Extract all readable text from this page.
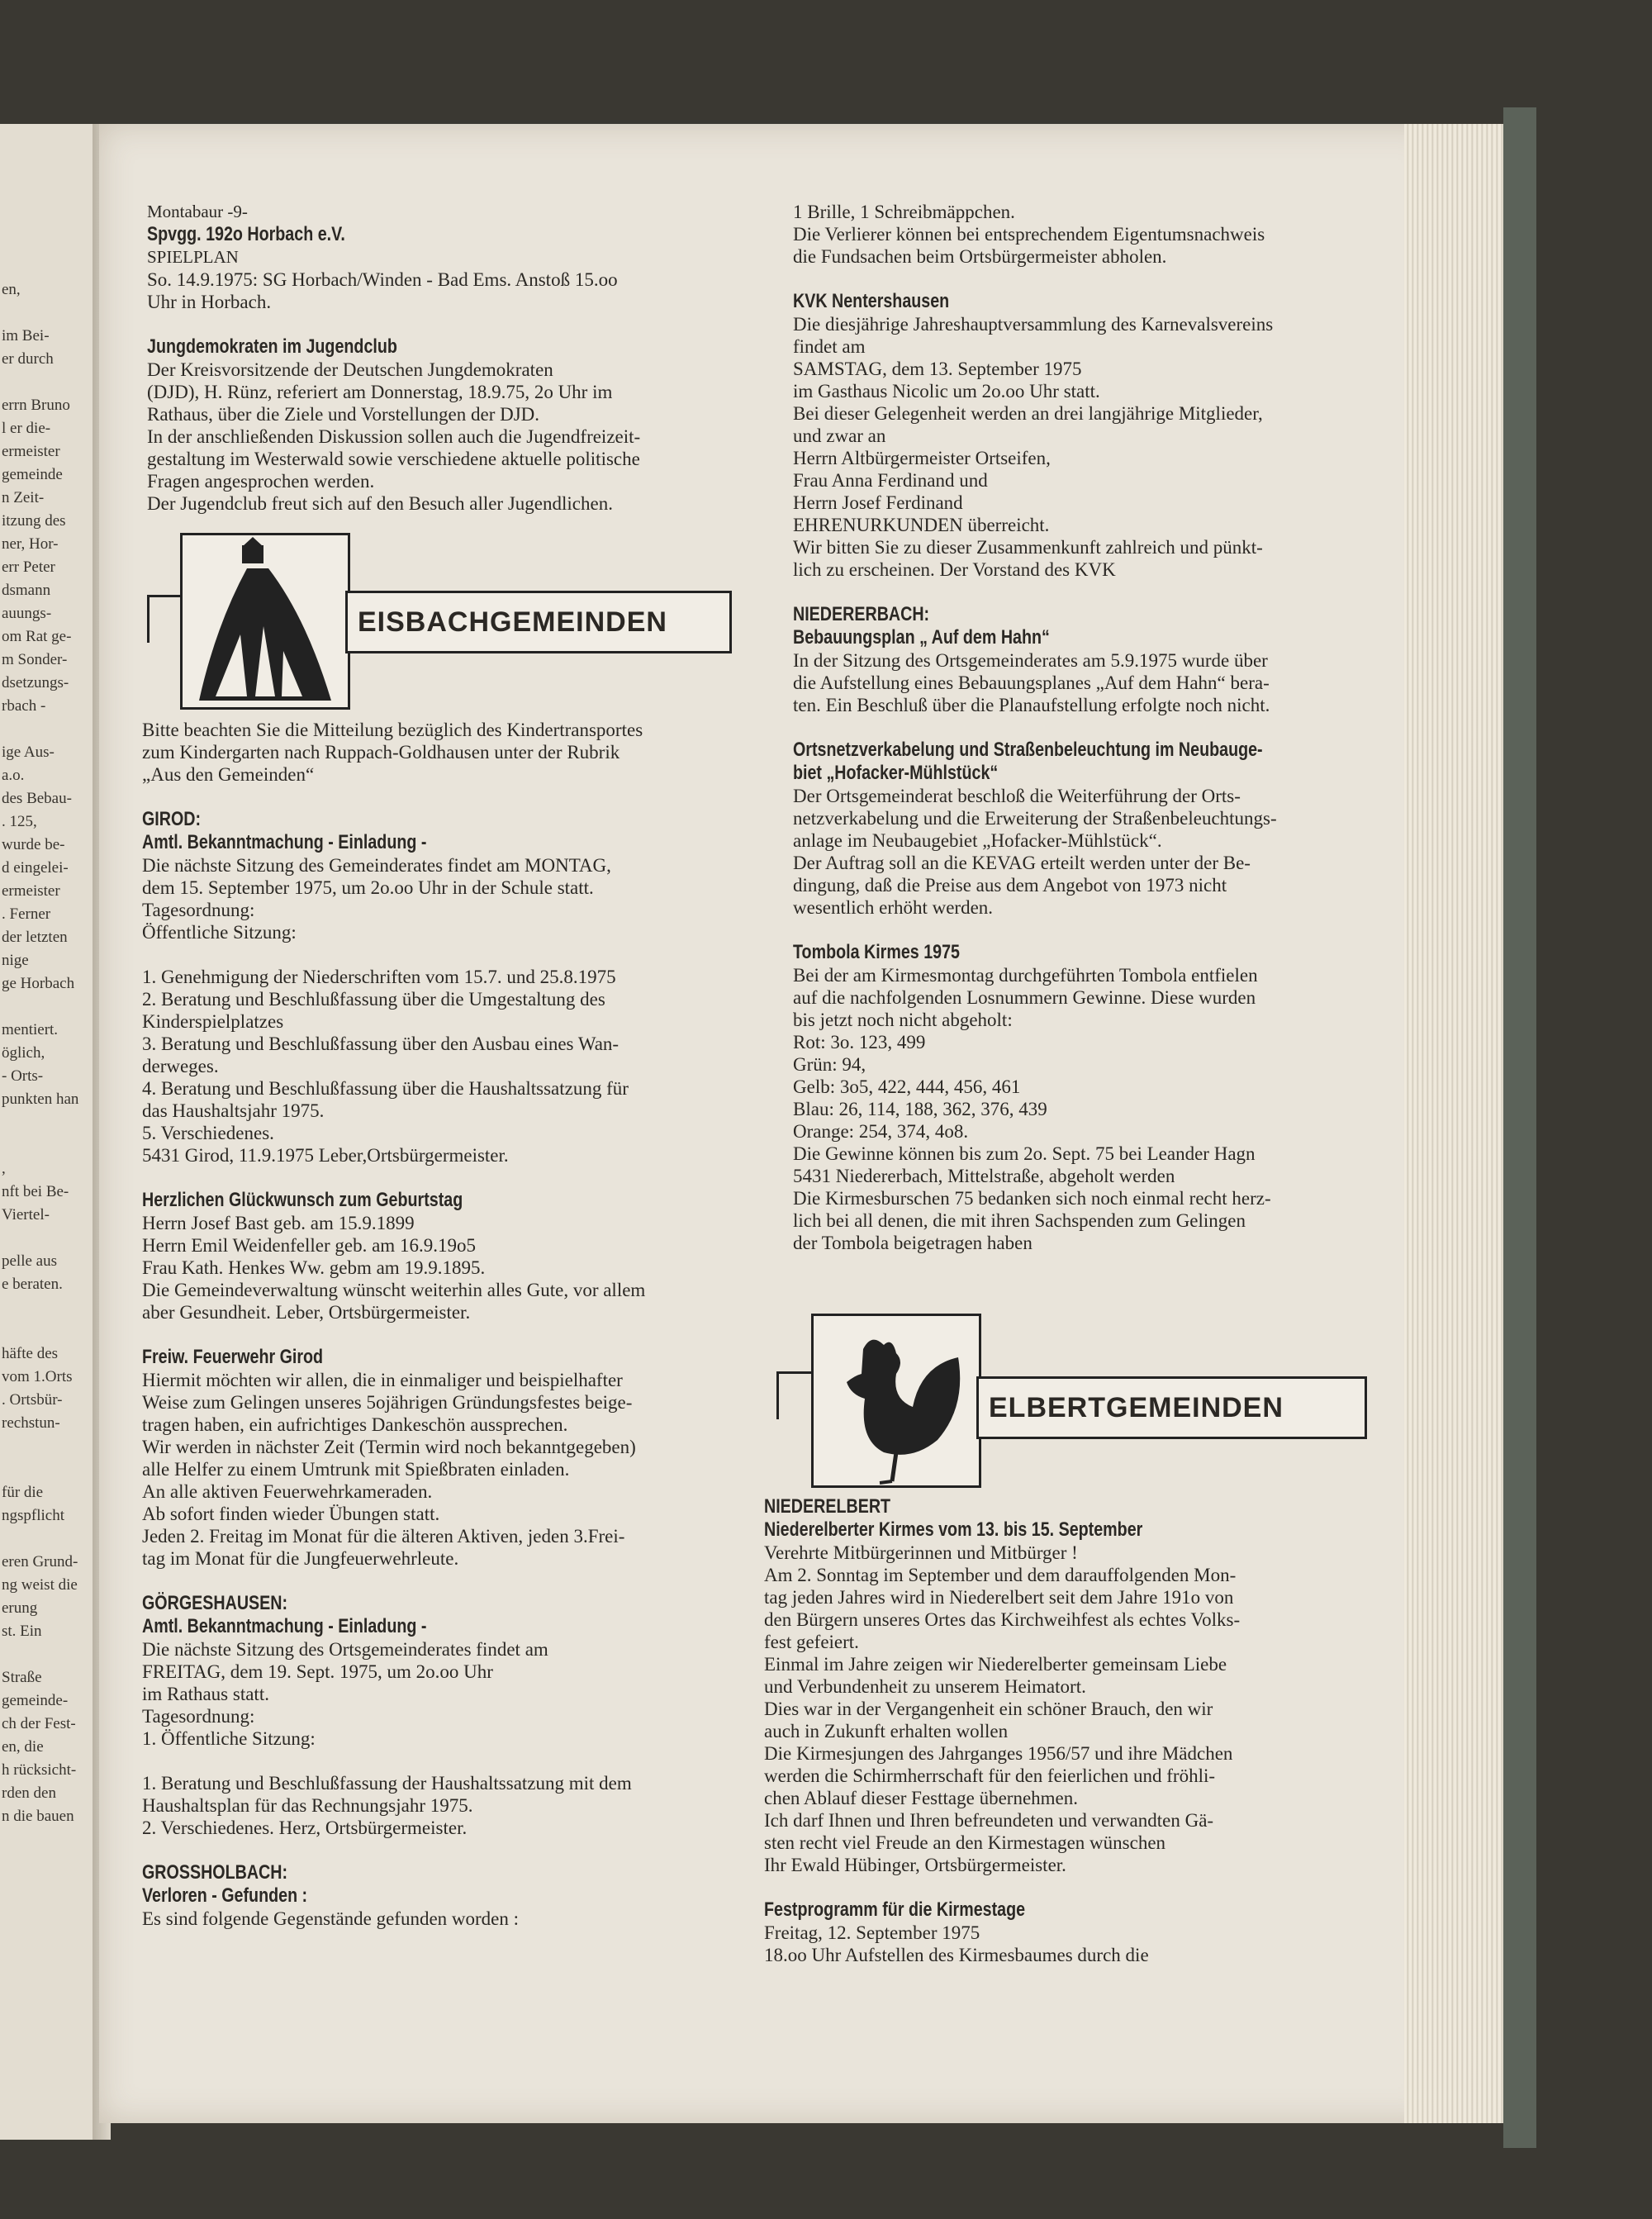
en,
im Bei-
er durch
errn Bruno
l er die-
ermeister
gemeinde
n Zeit-
itzung des
ner, Hor-
err Peter
dsmann
auungs-
om Rat ge-
m Sonder-
dsetzungs-
rbach -
ige Aus-
a.o.
des Bebau-
. 125,
wurde be-
d eingelei-
ermeister
. Ferner
der letzten
nige
ge Horbach
mentiert.
öglich,
- Orts-
punkten han
,
nft bei Be-
Viertel-
pelle aus
e beraten.
häfte des
vom 1.Orts
. Ortsbür-
rechstun-
für die
ngspflicht
eren Grund-
ng weist die
erung
st. Ein
Straße
gemeinde-
ch der Fest-
en, die
h rücksicht-
rden den
n die bauen
Montabaur -9-
Spvgg. 192o Horbach e.V.
SPIELPLAN
So. 14.9.1975: SG Horbach/Winden - Bad Ems. Anstoß 15.oo
Uhr in Horbach.

Jungdemokraten im Jugendclub
Der Kreisvorsitzende der Deutschen Jungdemokraten
(DJD), H. Rünz, referiert am Donnerstag, 18.9.75, 2o Uhr im
Rathaus, über die Ziele und Vorstellungen der DJD.
In der anschließenden Diskussion sollen auch die Jugendfreizeit-
gestaltung im Westerwald sowie verschiedene aktuelle politische
Fragen angesprochen werden.
Der Jugendclub freut sich auf den Besuch aller Jugendlichen.
EISBACHGEMEINDEN
Bitte beachten Sie die Mitteilung bezüglich des Kindertransportes
zum Kindergarten nach Ruppach-Goldhausen unter der Rubrik
„Aus den Gemeinden“

GIROD:
Amtl. Bekanntmachung - Einladung -
Die nächste Sitzung des Gemeinderates findet am MONTAG,
dem 15. September 1975, um 2o.oo Uhr in der Schule statt.
Tagesordnung:
Öffentliche Sitzung:

1. Genehmigung der Niederschriften vom 15.7. und 25.8.1975
2. Beratung und Beschlußfassung über die Umgestaltung des
Kinderspielplatzes
3. Beratung und Beschlußfassung über den Ausbau eines Wan-
derweges.
4. Beratung und Beschlußfassung über die Haushaltssatzung für
das Haushaltsjahr 1975.
5. Verschiedenes.
5431 Girod, 11.9.1975 Leber,Ortsbürgermeister.

Herzlichen Glückwunsch zum Geburtstag
Herrn Josef Bast geb. am 15.9.1899
Herrn Emil Weidenfeller geb. am 16.9.19o5
Frau Kath. Henkes Ww. gebm am 19.9.1895.
Die Gemeindeverwaltung wünscht weiterhin alles Gute, vor allem
aber Gesundheit. Leber, Ortsbürgermeister.

Freiw. Feuerwehr Girod
Hiermit möchten wir allen, die in einmaliger und beispielhafter
Weise zum Gelingen unseres 5ojährigen Gründungsfestes beige-
tragen haben, ein aufrichtiges Dankeschön aussprechen.
Wir werden in nächster Zeit (Termin wird noch bekanntgegeben)
alle Helfer zu einem Umtrunk mit Spießbraten einladen.
An alle aktiven Feuerwehrkameraden.
Ab sofort finden wieder Übungen statt.
Jeden 2. Freitag im Monat für die älteren Aktiven, jeden 3.Frei-
tag im Monat für die Jungfeuerwehrleute.

GÖRGESHAUSEN:
Amtl. Bekanntmachung - Einladung -
Die nächste Sitzung des Ortsgemeinderates findet am
FREITAG, dem 19. Sept. 1975, um 2o.oo Uhr
im Rathaus statt.
Tagesordnung:
1. Öffentliche Sitzung:

1. Beratung und Beschlußfassung der Haushaltssatzung mit dem
Haushaltsplan für das Rechnungsjahr 1975.
2. Verschiedenes. Herz, Ortsbürgermeister.

GROSSHOLBACH:
Verloren - Gefunden :
Es sind folgende Gegenstände gefunden worden :
1 Brille, 1 Schreibmäppchen.
Die Verlierer können bei entsprechendem Eigentumsnachweis
die Fundsachen beim Ortsbürgermeister abholen.

KVK Nentershausen
Die diesjährige Jahreshauptversammlung des Karnevalsvereins
findet am
SAMSTAG, dem 13. September 1975
im Gasthaus Nicolic um 2o.oo Uhr statt.
Bei dieser Gelegenheit werden an drei langjährige Mitglieder,
und zwar an
Herrn Altbürgermeister Ortseifen,
Frau Anna Ferdinand und
Herrn Josef Ferdinand
EHRENURKUNDEN überreicht.
Wir bitten Sie zu dieser Zusammenkunft zahlreich und pünkt-
lich zu erscheinen. Der Vorstand des KVK

NIEDERERBACH:
Bebauungsplan „ Auf dem Hahn“
In der Sitzung des Ortsgemeinderates am 5.9.1975 wurde über
die Aufstellung eines Bebauungsplanes „Auf dem Hahn“ bera-
ten. Ein Beschluß über die Planaufstellung erfolgte noch nicht.

Ortsnetzverkabelung und Straßenbeleuchtung im Neubauge-
biet „Hofacker-Mühlstück“
Der Ortsgemeinderat beschloß die Weiterführung der Orts-
netzverkabelung und die Erweiterung der Straßenbeleuchtungs-
anlage im Neubaugebiet „Hofacker-Mühlstück“.
Der Auftrag soll an die KEVAG erteilt werden unter der Be-
dingung, daß die Preise aus dem Angebot von 1973 nicht
wesentlich erhöht werden.

Tombola Kirmes 1975
Bei der am Kirmesmontag durchgeführten Tombola entfielen
auf die nachfolgenden Losnummern Gewinne. Diese wurden
bis jetzt noch nicht abgeholt:
Rot: 3o. 123, 499
Grün: 94,
Gelb: 3o5, 422, 444, 456, 461
Blau: 26, 114, 188, 362, 376, 439
Orange: 254, 374, 4o8.
Die Gewinne können bis zum 2o. Sept. 75 bei Leander Hagn
5431 Niedererbach, Mittelstraße, abgeholt werden
Die Kirmesburschen 75 bedanken sich noch einmal recht herz-
lich bei all denen, die mit ihren Sachspenden zum Gelingen
der Tombola beigetragen haben
ELBERTGEMEINDEN
NIEDERELBERT
Niederelberter Kirmes vom 13. bis 15. September
Verehrte Mitbürgerinnen und Mitbürger !
Am 2. Sonntag im September und dem darauffolgenden Mon-
tag jeden Jahres wird in Niederelbert seit dem Jahre 191o von
den Bürgern unseres Ortes das Kirchweihfest als echtes Volks-
fest gefeiert.
Einmal im Jahre zeigen wir Niederelberter gemeinsam Liebe
und Verbundenheit zu unserem Heimatort.
Dies war in der Vergangenheit ein schöner Brauch, den wir
auch in Zukunft erhalten wollen
Die Kirmesjungen des Jahrganges 1956/57 und ihre Mädchen
werden die Schirmherrschaft für den feierlichen und fröhli-
chen Ablauf dieser Festtage übernehmen.
Ich darf Ihnen und Ihren befreundeten und verwandten Gä-
sten recht viel Freude an den Kirmestagen wünschen
Ihr Ewald Hübinger, Ortsbürgermeister.

Festprogramm für die Kirmestage
Freitag, 12. September 1975
18.oo Uhr Aufstellen des Kirmesbaumes durch die
